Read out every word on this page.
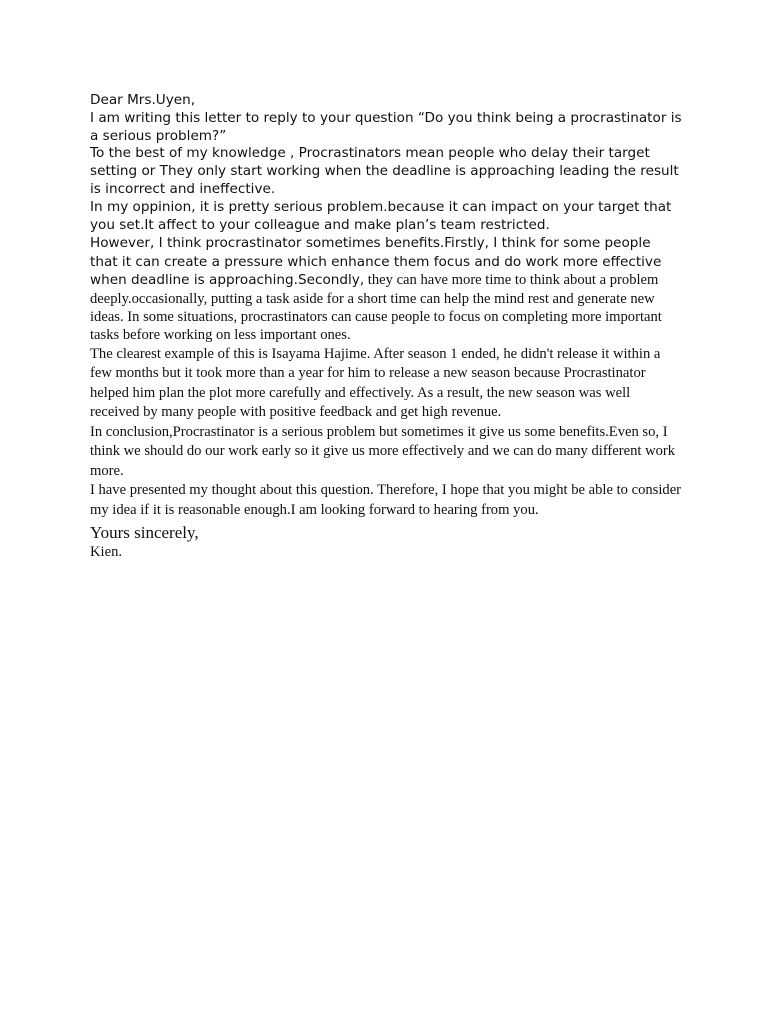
Dear Mrs.Uyen,

I am writing this letter to reply to your question “Do you think being a procrastinator is a serious problem?”

To the best of my knowledge , Procrastinators mean people who delay their target setting or They only start working when the deadline is approaching leading the result is incorrect and ineffective.

In my oppinion, it is pretty serious problem.because it can impact on your target that you set.It affect to your colleague and make plan’s team restricted.

However, I think procrastinator sometimes benefits.Firstly, I think for some people that it can create a pressure which enhance them focus and do work more effective when deadline is approaching.Secondly, they can have more time to think about a problem deeply.occasionally, putting a task aside for a short time can help the mind rest and generate new ideas. In some situations, procrastinators can cause people to focus on completing more important tasks before working on less important ones.

The clearest example of this is Isayama Hajime. After season 1 ended, he didn't release it within a few months but it took more than a year for him to release a new season because Procrastinator helped him plan the plot more carefully and effectively. As a result, the new season was well received by many people with positive feedback and get high revenue.

In conclusion,Procrastinator is a serious problem but sometimes it give us some benefits.Even so, I think we should do our work early so it give us more effectively and we can do many different work more.

I have presented my thought about this question. Therefore, I hope that you might be able to consider my idea if it is reasonable enough.I am looking forward to hearing from you.

Yours sincerely,

Kien.
